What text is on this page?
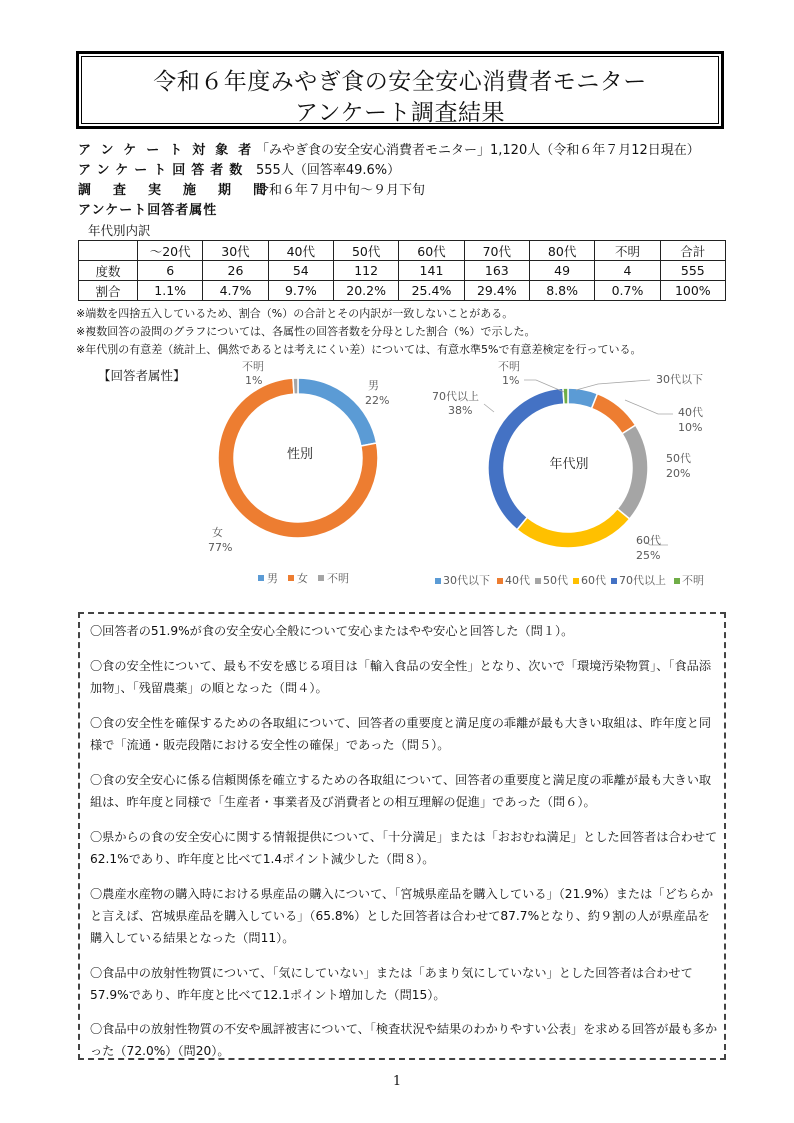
令和６年度みやぎ食の安全安心消費者モニター
アンケート調査結果
アンケート対象者
「みやぎ食の安全安心消費者モニター」1,120人（令和６年７月12日現在）
アンケート回答者数 555人（回答率49.6%）
調査実施期間
令和６年７月中旬～９月下旬
アンケート回答者属性
年代別内訳
	～20代	30代	40代	50代	60代	70代	80代	不明	合計
度数	6	26	54	112	141	163	49	4	555
割合	1.1%	4.7%	9.7%	20.2%	25.4%	29.4%	8.8%	0.7%	100%
※端数を四捨五入しているため、割合（%）の合計とその内訳が一致しないことがある。
※複数回答の設問のグラフについては、各属性の回答者数を分母とした割合（%）で示した。
※年代別の有意差（統計上、偶然であるとは考えにくい差）については、有意水準5%で有意差検定を行っている。
【回答者属性】
性別
男
22%
不明
1%
女
77%
男 女 不明
年代別
30代以下
40代
10%
50代
20%
60代
25%
70代以上
38%
不明
1%
30代以下 40代 50代 60代 70代以上 不明
〇回答者の51.9%が食の安全安心全般について安心またはやや安心と回答した（問１）。
〇食の安全性について、最も不安を感じる項目は「輸入食品の安全性」となり、次いで「環境汚染物質」、「食品添加物」、「残留農薬」の順となった（問４）。
〇食の安全性を確保するための各取組について、回答者の重要度と満足度の乖離が最も大きい取組は、昨年度と同様で「流通・販売段階における安全性の確保」であった（問５）。
〇食の安全安心に係る信頼関係を確立するための各取組について、回答者の重要度と満足度の乖離が最も大きい取組は、昨年度と同様で「生産者・事業者及び消費者との相互理解の促進」であった（問６）。
〇県からの食の安全安心に関する情報提供について、「十分満足」または「おおむね満足」とした回答者は合わせて62.1%であり、昨年度と比べて1.4ポイント減少した（問８）。
〇農産水産物の購入時における県産品の購入について、「宮城県産品を購入している」（21.9%）または「どちらかと言えば、宮城県産品を購入している」（65.8%）とした回答者は合わせて87.7%となり、約９割の人が県産品を購入している結果となった（問11）。
〇食品中の放射性物質について、「気にしていない」または「あまり気にしていない」とした回答者は合わせて57.9%であり、昨年度と比べて12.1ポイント増加した（問15）。
〇食品中の放射性物質の不安や風評被害について、「検査状況や結果のわかりやすい公表」を求める回答が最も多かった（72.0%）（問20）。
1
